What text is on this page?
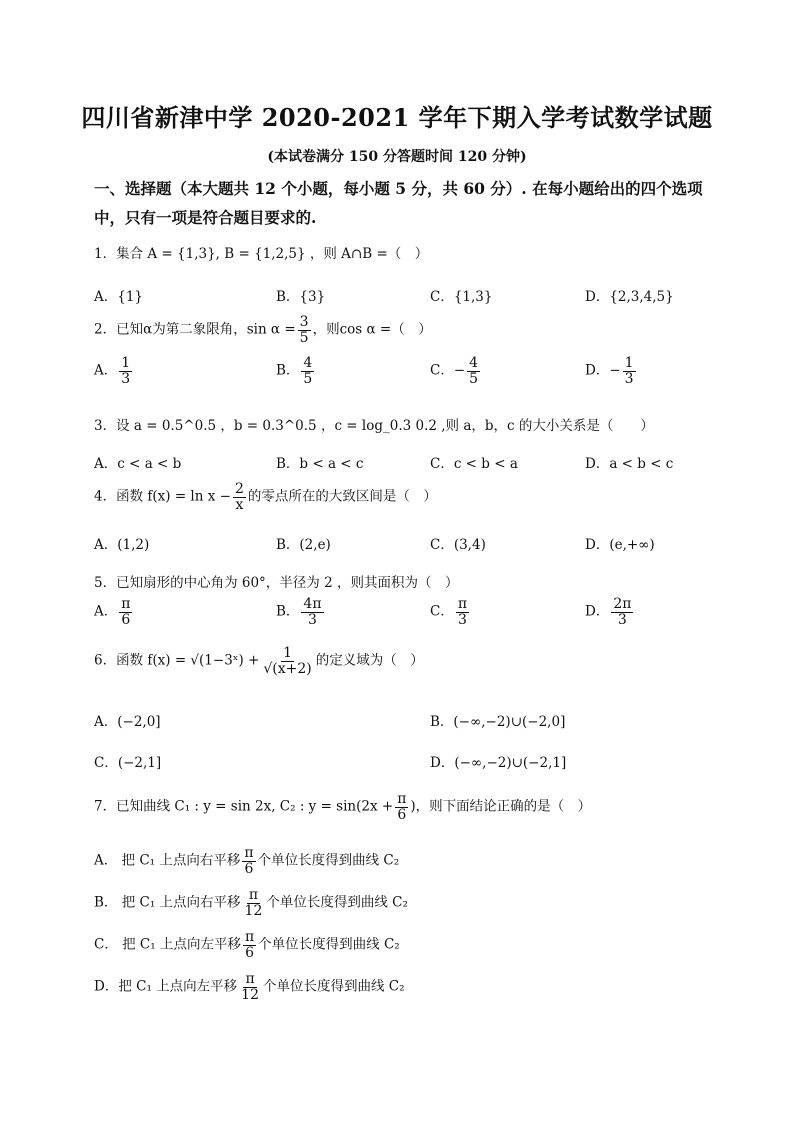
四川省新津中学 2020-2021 学年下期入学考试数学试题
(本试卷满分 150 分答题时间 120 分钟)
一、选择题（本大题共 12 个小题，每小题 5 分，共 60 分）. 在每小题给出的四个选项
中，只有一项是符合题目要求的.
1．集合 A = {1,3}, B = {1,2,5} ，则 A∩B =（　）
A．{1}	B．{3}	C．{1,3}	D．{2,3,4,5}
2．已知α为第二象限角，$\sin \alpha = \frac{3}{5}$ ，则cos α =（　）
A． $\frac{1}{3}$	B． $\frac{4}{5}$	C．− $\frac{4}{5}$	D．− $\frac{1}{3}$
3．设 a = 0.5^0.5 ，b = 0.3^0.5 ，c = log_0.3 0.2 ,则 a，b，c 的大小关系是（　　）
A．c < a < b	B．b < a < c	C．c < b < a	D．a < b < c
4．函数 $f(x) = \ln x - \frac{2}{x}$ 的零点所在的大致区间是（　）
A．(1,2)	B．(2,e)	C．(3,4)	D．(e,+∞)
5．已知扇形的中心角为 60°，半径为 2 ，则其面积为（　）
A． $\frac{\pi}{6}$	B． $\frac{4\pi}{3}$	C． $\frac{\pi}{3}$	D． $\frac{2\pi}{3}$
6．函数 f(x) = √(1−3ˣ) + $\frac{1}{√(x+2)}$ 的定义域为（　）
A．(−2,0]	B．(−∞,−2)∪(−2,0]
C．(−2,1]	D．(−∞,−2)∪(−2,1]
7．已知曲线 C₁ : y = sin 2x, C₂ : $y = \sin(2x + \frac{\pi}{6}$ )，则下面结论正确的是（　）
A． 把 C₁ 上点向右平移 $\frac{\pi}{6}$ 个单位长度得到曲线 C₂
B． 把 C₁ 上点向右平移 $\frac{\pi}{12}$ 个单位长度得到曲线 C₂
C． 把 C₁ 上点向左平移 $\frac{\pi}{6}$ 个单位长度得到曲线 C₂
D．把 C₁ 上点向左平移 $\frac{\pi}{12}$ 个单位长度得到曲线 C₂
